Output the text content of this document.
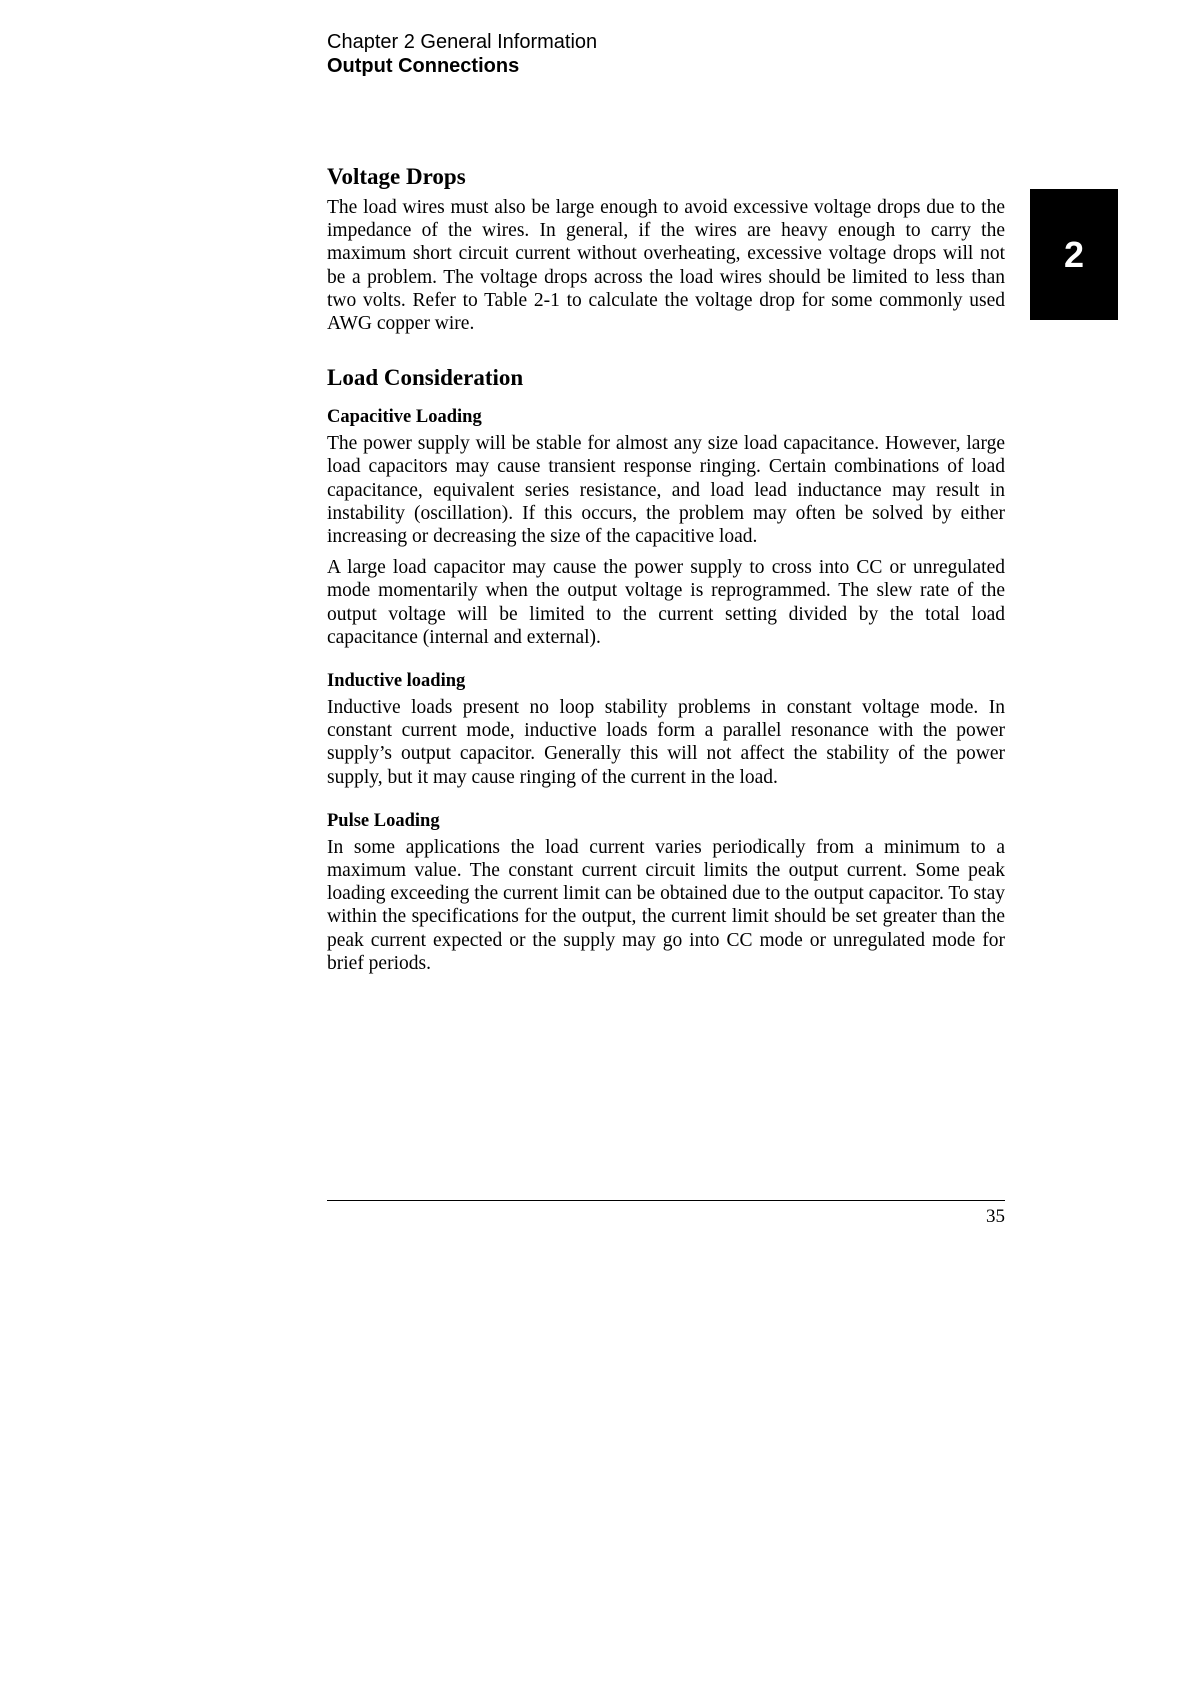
Chapter 2 General Information
Output Connections
2
Voltage Drops

The load wires must also be large enough to avoid excessive voltage drops due to the impedance of the wires. In general, if the wires are heavy enough to carry the maximum short circuit current without overheating, excessive voltage drops will not be a problem. The voltage drops across the load wires should be limited to less than two volts. Refer to Table 2-1 to calculate the voltage drop for some commonly used AWG copper wire.

Load Consideration
Capacitive Loading

The power supply will be stable for almost any size load capacitance. However, large load capacitors may cause transient response ringing. Certain combinations of load capacitance, equivalent series resistance, and load lead inductance may result in instability (oscillation). If this occurs, the problem may often be solved by either increasing or decreasing the size of the capacitive load.

A large load capacitor may cause the power supply to cross into CC or unregulated mode momentarily when the output voltage is reprogrammed. The slew rate of the output voltage will be limited to the current setting divided by the total load capacitance (internal and external).

Inductive loading

Inductive loads present no loop stability problems in constant voltage mode. In constant current mode, inductive loads form a parallel resonance with the power supply’s output capacitor. Generally this will not affect the stability of the power supply, but it may cause ringing of the current in the load.

Pulse Loading

In some applications the load current varies periodically from a minimum to a maximum value. The constant current circuit limits the output current. Some peak loading exceeding the current limit can be obtained due to the output capacitor. To stay within the specifications for the output, the current limit should be set greater than the peak current expected or the supply may go into CC mode or unregulated mode for brief periods.

35
